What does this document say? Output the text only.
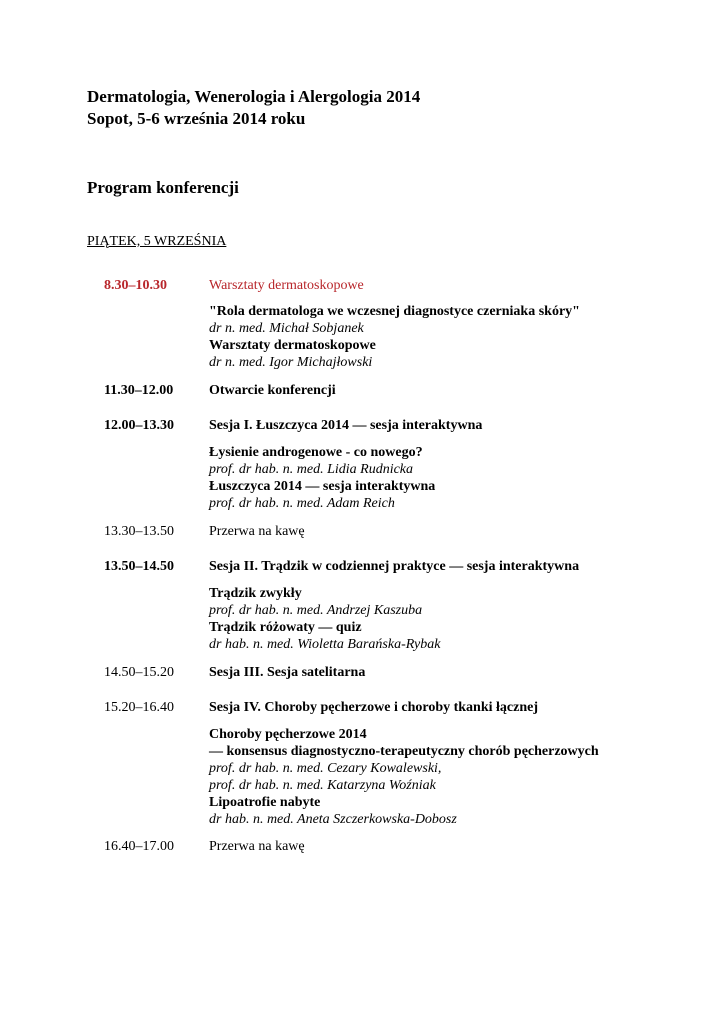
Dermatologia, Wenerologia i Alergologia 2014
Sopot, 5-6 września 2014 roku
Program konferencji
PIĄTEK, 5 WRZEŚNIA
8.30–10.30	Warsztaty dermatoskopowe
"Rola dermatologa we wczesnej diagnostyce czerniaka skóry"
dr n. med. Michał Sobjanek
Warsztaty dermatoskopowe
dr n. med. Igor Michajłowski
11.30–12.00	Otwarcie konferencji
12.00–13.30	Sesja I. Łuszczyca 2014 — sesja interaktywna
Łysienie androgenowe - co nowego?
prof. dr hab. n. med. Lidia Rudnicka
Łuszczyca 2014 — sesja interaktywna
prof. dr hab. n. med. Adam Reich
13.30–13.50	Przerwa na kawę
13.50–14.50	Sesja II. Trądzik w codziennej praktyce — sesja interaktywna
Trądzik zwykły
prof. dr hab. n. med. Andrzej Kaszuba
Trądzik różowaty — quiz
dr hab. n. med. Wioletta Barańska-Rybak
14.50–15.20	Sesja III. Sesja satelitarna
15.20–16.40	Sesja IV. Choroby pęcherzowe i choroby tkanki łącznej
Choroby pęcherzowe 2014
— konsensus diagnostyczno-terapeutyczny chorób pęcherzowych
prof. dr hab. n. med. Cezary Kowalewski,
prof. dr hab. n. med. Katarzyna Woźniak
Lipoatrofie nabyte
dr hab. n. med. Aneta Szczerkowska-Dobosz
16.40–17.00	Przerwa na kawę
